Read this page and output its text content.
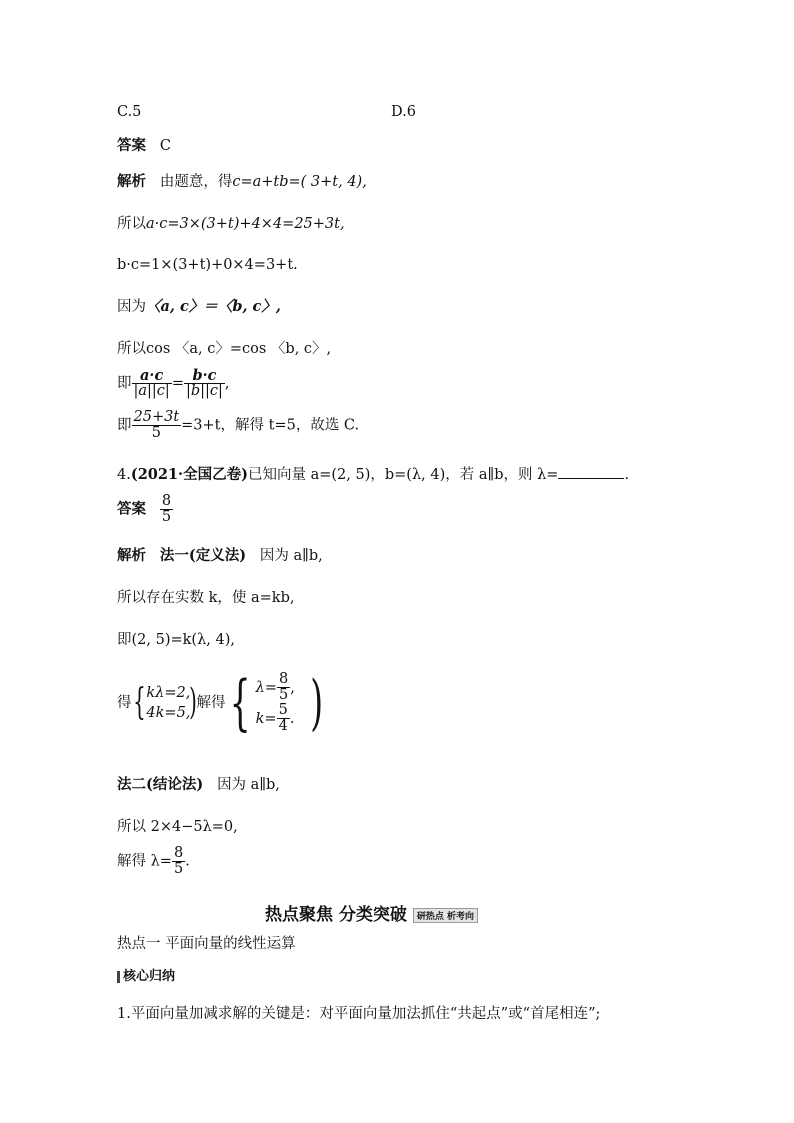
C.5	D.6
答案 C
解析 由题意，得c=a+tb=( 3+t, 4),
所以a·c=3×(3+t)+4×4=25+3t,
b·c=1×(3+t)+0×4=3+t.
因为〈a, c〉＝〈b, c〉,
所以cos 〈a, c〉=cos 〈b, c〉,
即 $\frac{a\cdot c}{|a||c|} = \frac{b\cdot c}{|b||c|}$ ,
即 $\frac{25+3t}{5} =3+t$，解得 t=5，故选 C.
4.(2021·全国乙卷)已知向量 a=(2, 5)，b=(λ, 4)，若 a∥b，则 λ=	.
答案 $\frac{8}{5}$
解析 法一(定义法) 因为 a∥b,
所以存在实数 k，使 a=kb,
即(2, 5)=k(λ, 4),
得{kλ=2,
4k=5,)解得{ $\lambda= \frac{8}{5}$ ,
$k= \frac{5}{4}$ . )
法二(结论法) 因为 a∥b,
所以 2×4−5λ=0,
解得 $\lambda= \frac{8}{5}$ .
热点聚焦 分类突破 研热点 析考向
热点一 平面向量的线性运算
核心归纳
1.平面向量加减求解的关键是：对平面向量加法抓住“共起点”或“首尾相连”;
